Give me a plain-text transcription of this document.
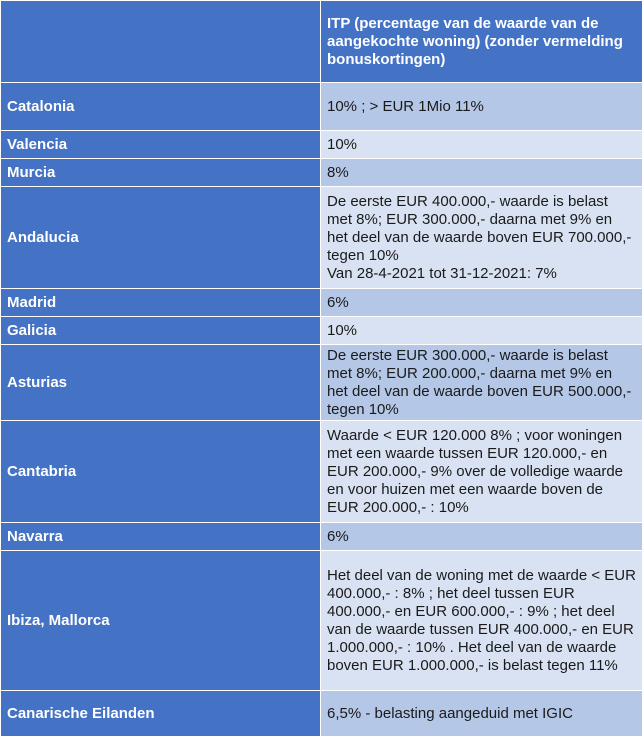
	ITP (percentage van de waarde van de aangekochte woning) (zonder vermelding bonuskortingen)
Catalonia	10% ; > EUR 1Mio 11%

Valencia	10%

Murcia	8%

Andalucia	De eerste EUR 400.000,- waarde is belast met 8%; EUR 300.000,- daarna met 9% en het deel van de waarde boven EUR 700.000,- tegen 10%
Van 28-4-2021 tot 31-12-2021: 7%

Madrid	6%

Galicia	10%

Asturias	De eerste EUR 300.000,- waarde is belast met 8%; EUR 200.000,- daarna met 9% en het deel van de waarde boven EUR 500.000,- tegen 10%

Cantabria	Waarde < EUR 120.000 8% ; voor woningen met een waarde tussen EUR 120.000,- en EUR 200.000,- 9% over de volledige waarde en voor huizen met een waarde boven de EUR 200.000,- : 10%

Navarra	6%

Ibiza, Mallorca	Het deel van de woning met de waarde < EUR 400.000,- : 8% ; het deel tussen EUR 400.000,- en EUR 600.000,- : 9% ; het deel van de waarde tussen EUR 400.000,- en EUR 1.000.000,- : 10% . Het deel van de waarde boven EUR 1.000.000,- is belast tegen 11%

Canarische Eilanden	6,5% - belasting aangeduid met IGIC
